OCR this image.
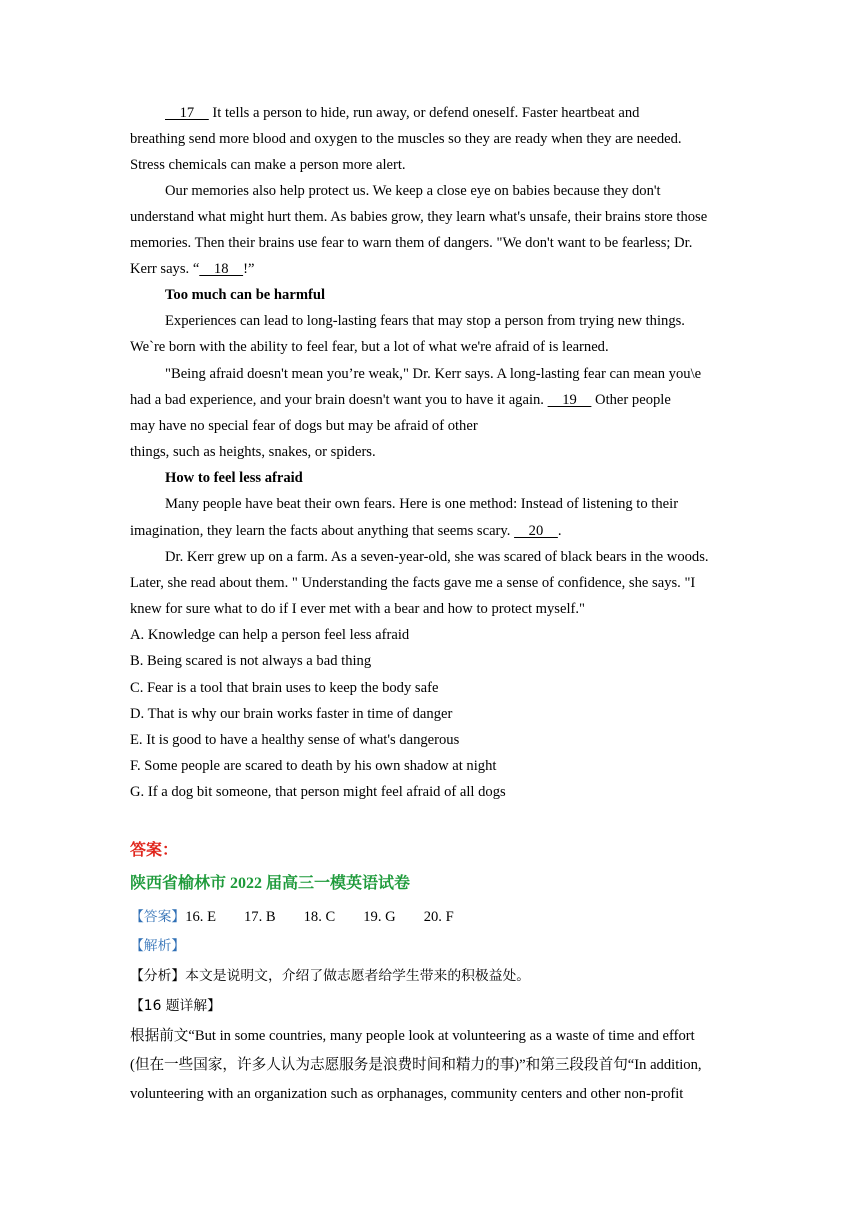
17     It tells a person to hide, run away, or defend oneself. Faster heartbeat and
breathing send more blood and oxygen to the muscles so they are ready when they are needed.
Stress chemicals can make a person more alert.
Our memories also help protect us. We keep a close eye on babies because they don't
understand what might hurt them. As babies grow, they learn what's unsafe, their brains store those
memories. Then their brains use fear to warn them of dangers. "We don't want to be fearless; Dr.
Kerr says. “    18    !”
Too much can be harmful
Experiences can lead to long-lasting fears that may stop a person from trying new things.
Weˋre born with the ability to feel fear, but a lot of what we're afraid of is learned.
"Being afraid doesn't mean you’re weak," Dr. Kerr says. A long-lasting fear can mean you\e
had a bad experience, and your brain doesn't want you to have it again.     19     Other people
may have no special fear of dogs but may be afraid of other
things, such as heights, snakes, or spiders.
How to feel less afraid
Many people have beat their own fears. Here is one method: Instead of listening to their
imagination, they learn the facts about anything that seems scary.     20    .
Dr. Kerr grew up on a farm. As a seven-year-old, she was scared of black bears in the woods.
Later, she read about them. " Understanding the facts gave me a sense of confidence, she says. "I
knew for sure what to do if I ever met with a bear and how to protect myself."
A. Knowledge can help a person feel less afraid
B. Being scared is not always a bad thing
C. Fear is a tool that brain uses to keep the body safe
D. That is why our brain works faster in time of danger
E. It is good to have a healthy sense of what's dangerous
F. Some people are scared to death by his own shadow at night
G. If a dog bit someone, that person might feel afraid of all dogs
答案：
陕西省榆林市 2022 届高三一模英语试卷
【答案】16. E 17. B 18. C 19. G 20. F
【解析】
【分析】本文是说明文，介绍了做志愿者给学生带来的积极益处。
【16 题详解】
根据前文“But in some countries, many people look at volunteering as a waste of time and effort
(但在一些国家，许多人认为志愿服务是浪费时间和精力的事)”和第三段段首句“In addition,
volunteering with an organization such as orphanages, community centers and other non-profit
